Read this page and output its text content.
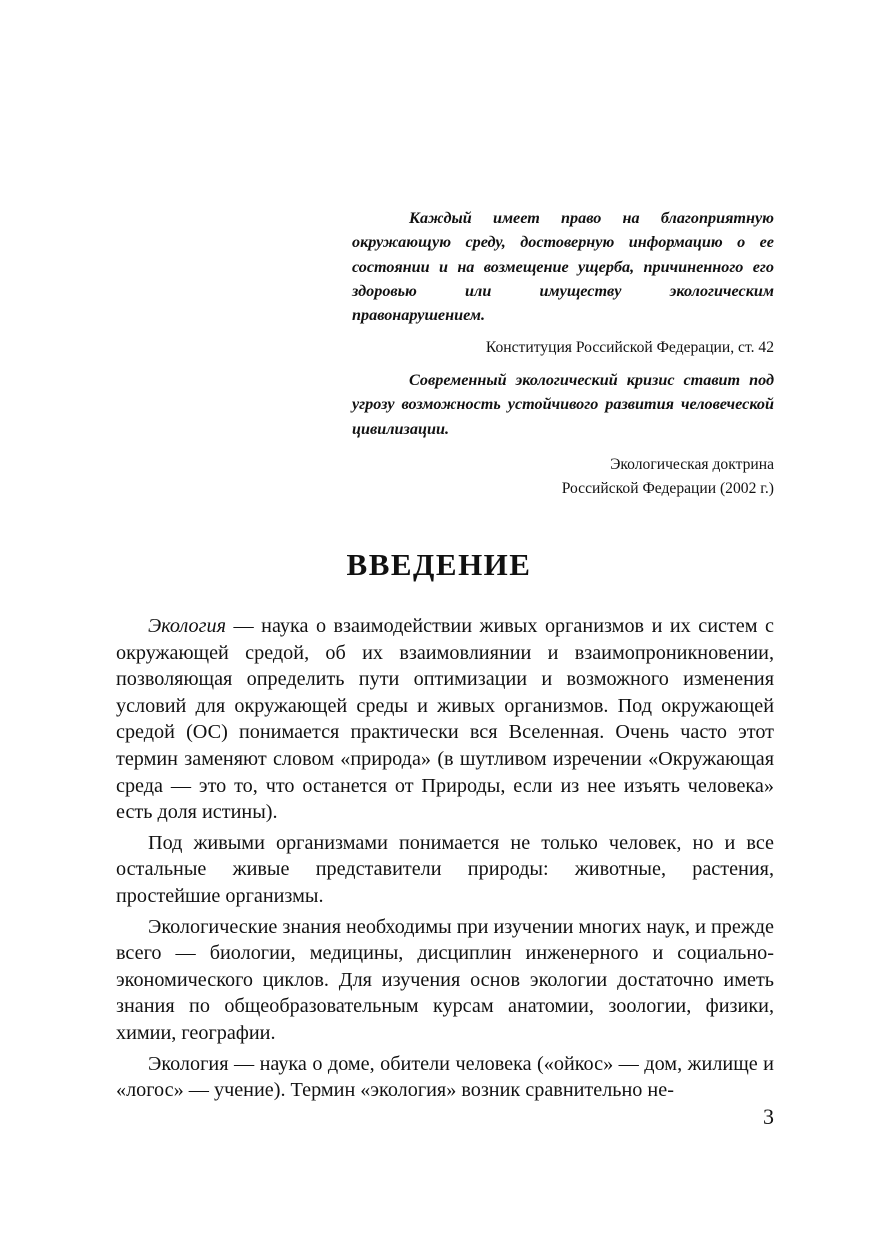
Каждый имеет право на благоприятную окружающую среду, достоверную информацию о ее состоянии и на возмещение ущерба, причиненного его здоровью или имуществу экологическим правонарушением.

Конституция Российской Федерации, ст. 42

Современный экологический кризис ставит под угрозу возможность устойчивого развития человеческой цивилизации.

Экологическая доктрина
Российской Федерации (2002 г.)

ВВЕДЕНИЕ

Экология — наука о взаимодействии живых организмов и их систем с окружающей средой, об их взаимовлиянии и взаимопроникновении, позволяющая определить пути оптимизации и возможного изменения условий для окружающей среды и живых организмов. Под окружающей средой (ОС) понимается практически вся Вселенная. Очень часто этот термин заменяют словом «природа» (в шутливом изречении «Окружающая среда — это то, что останется от Природы, если из нее изъять человека» есть доля истины).

Под живыми организмами понимается не только человек, но и все остальные живые представители природы: животные, растения, простейшие организмы.

Экологические знания необходимы при изучении многих наук, и прежде всего — биологии, медицины, дисциплин инженерного и социально-экономического циклов. Для изучения основ экологии достаточно иметь знания по общеобразовательным курсам анатомии, зоологии, физики, химии, географии.

Экология — наука о доме, обители человека («ойкос» — дом, жилище и «логос» — учение). Термин «экология» возник сравнительно не-

3
